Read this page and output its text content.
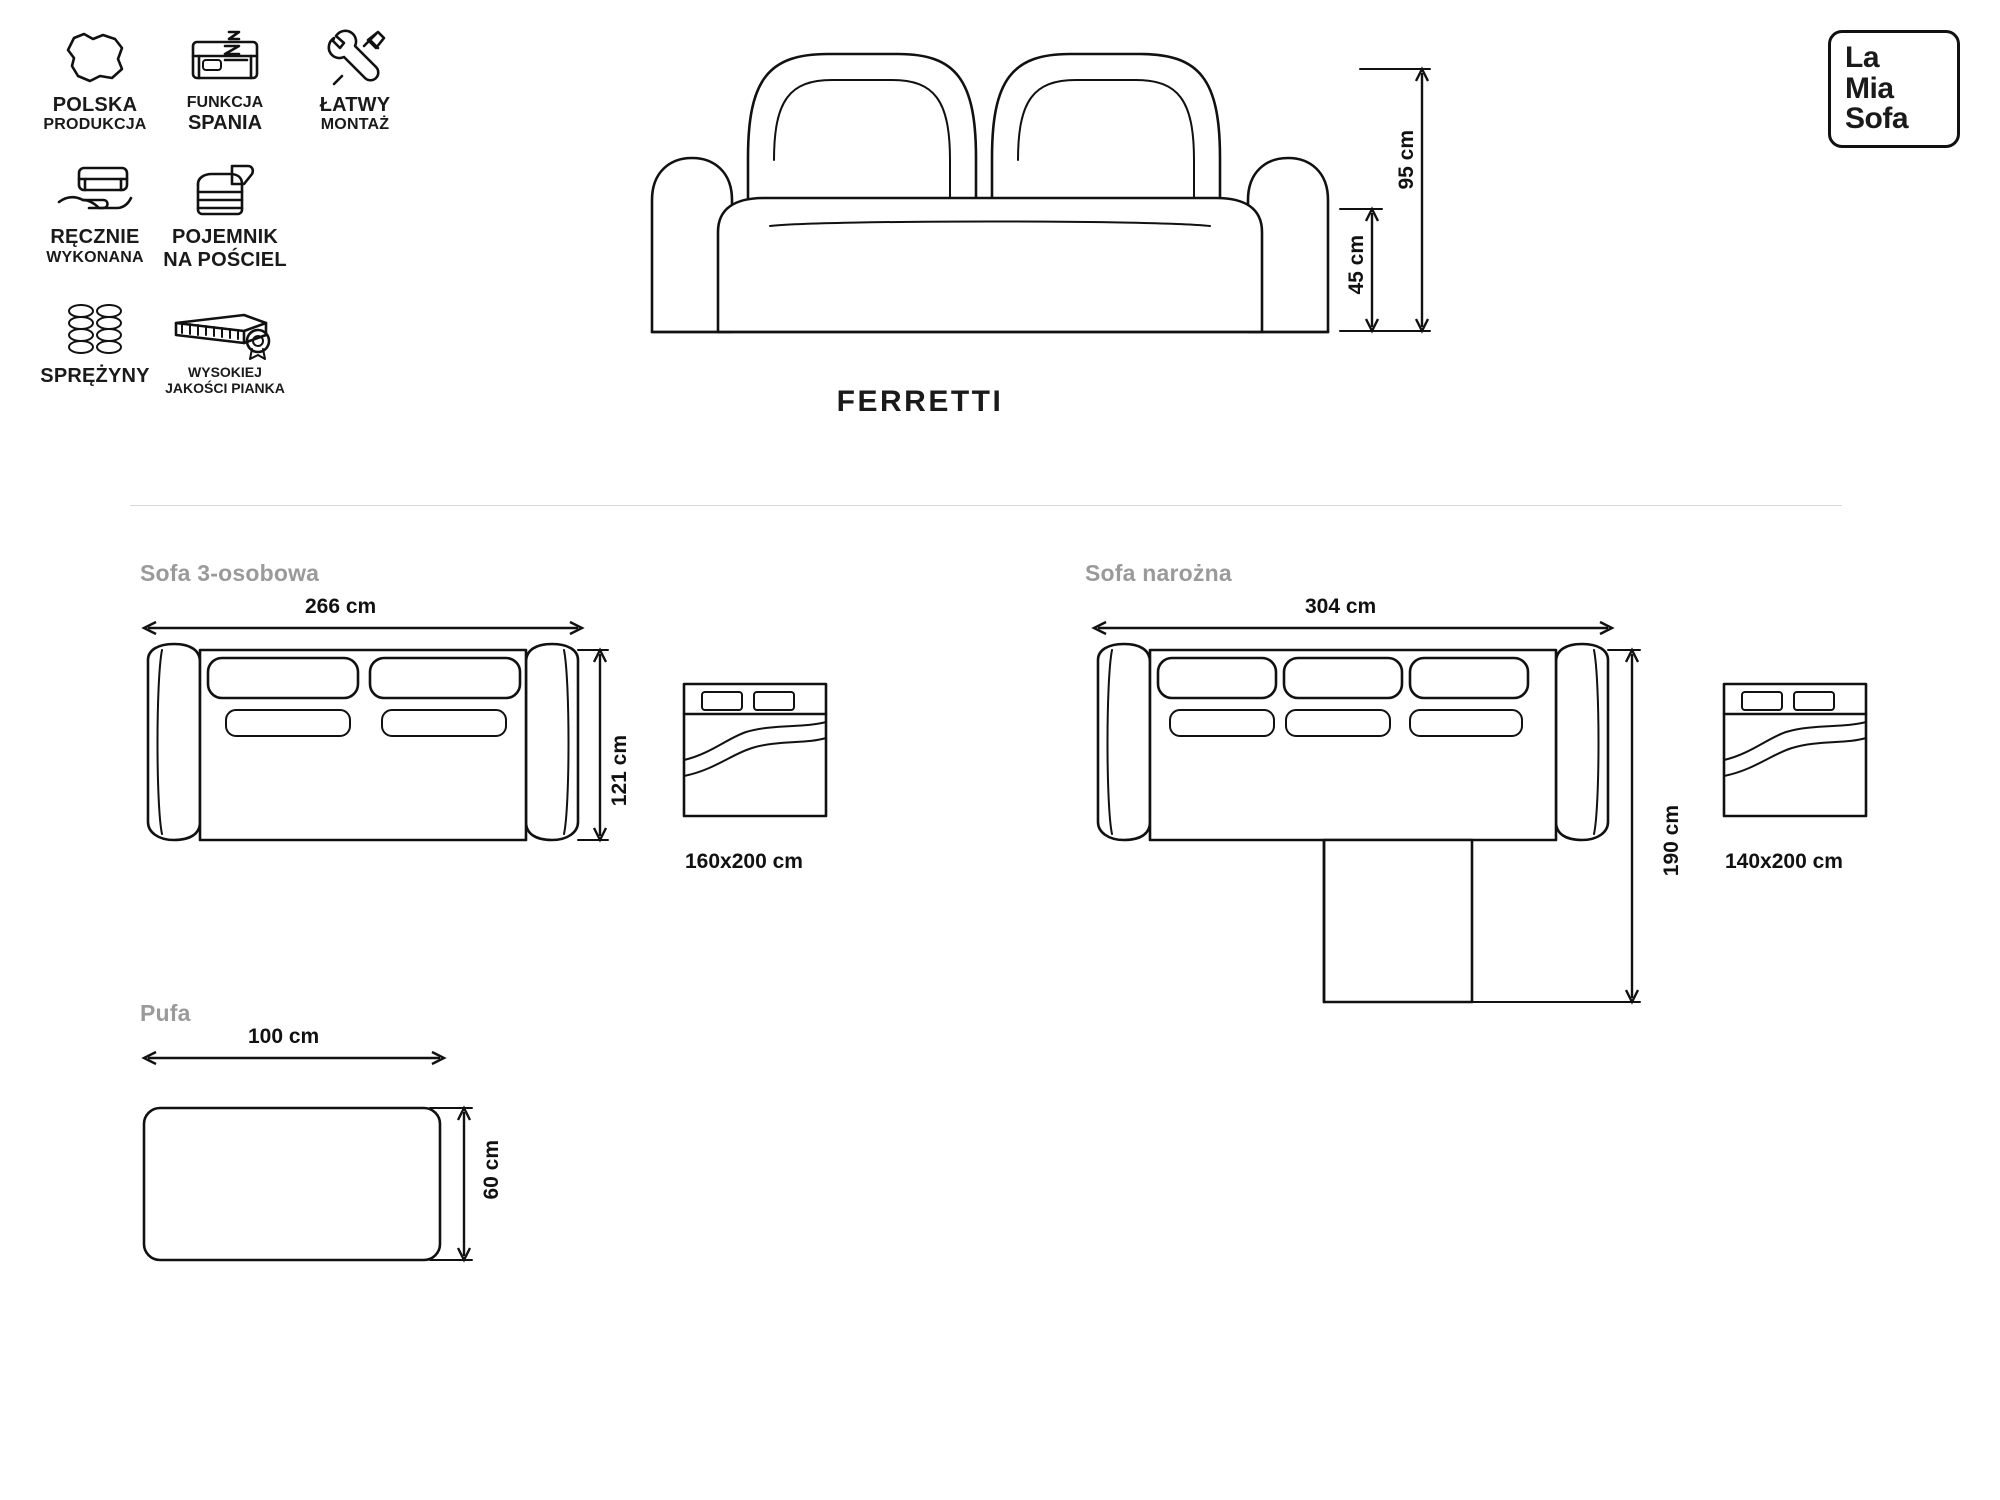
POLSKA
PRODUKCJA
FUNKCJA
SPANIA
ŁATWY
MONTAŻ
RĘCZNIE
WYKONANA
POJEMNIK
NA POŚCIEL
SPRĘŻYNY	WYSOKIEJ
JAKOŚCI PIANKA
La
Mia
Sofa
FERRETTI
95 cm
45 cm
Sofa 3-osobowa	Sofa narożna
Pufa
266 cm
121 cm
160x200 cm
304 cm
190 cm 140x200 cm
100 cm
60 cm
